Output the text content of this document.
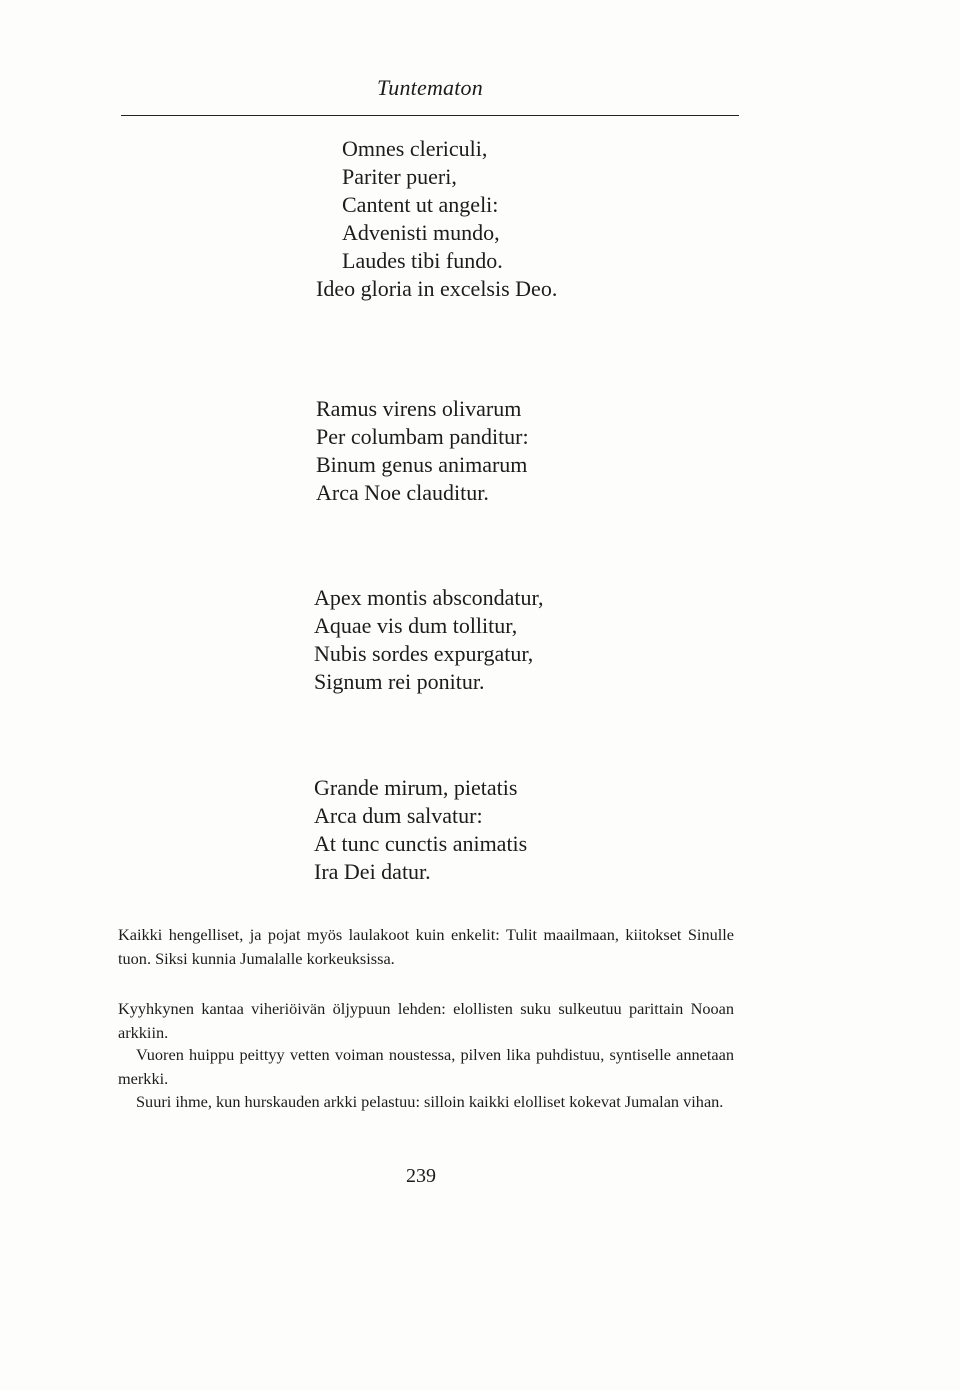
Tuntematon
Omnes clericuli,
Pariter pueri,
Cantent ut angeli:
Advenisti mundo,
Laudes tibi fundo.
Ideo gloria in excelsis Deo.
Ramus virens olivarum
Per columbam panditur:
Binum genus animarum
Arca Noe clauditur.
Apex montis abscondatur,
Aquae vis dum tollitur,
Nubis sordes expurgatur,
Signum rei ponitur.
Grande mirum, pietatis
Arca dum salvatur:
At tunc cunctis animatis
Ira Dei datur.

Kaikki hengelliset, ja pojat myös laulakoot kuin enkelit: Tulit maailmaan, kiitokset Sinulle tuon. Siksi kunnia Jumalalle korkeuksissa.

Kyyhkynen kantaa viheriöivän öljypuun lehden: elollisten suku sulkeutuu parittain Nooan arkkiin.

Vuoren huippu peittyy vetten voiman noustessa, pilven lika puhdistuu, syntiselle annetaan merkki.

Suuri ihme, kun hurskauden arkki pelastuu: silloin kaikki elolliset kokevat Jumalan vihan.

239
